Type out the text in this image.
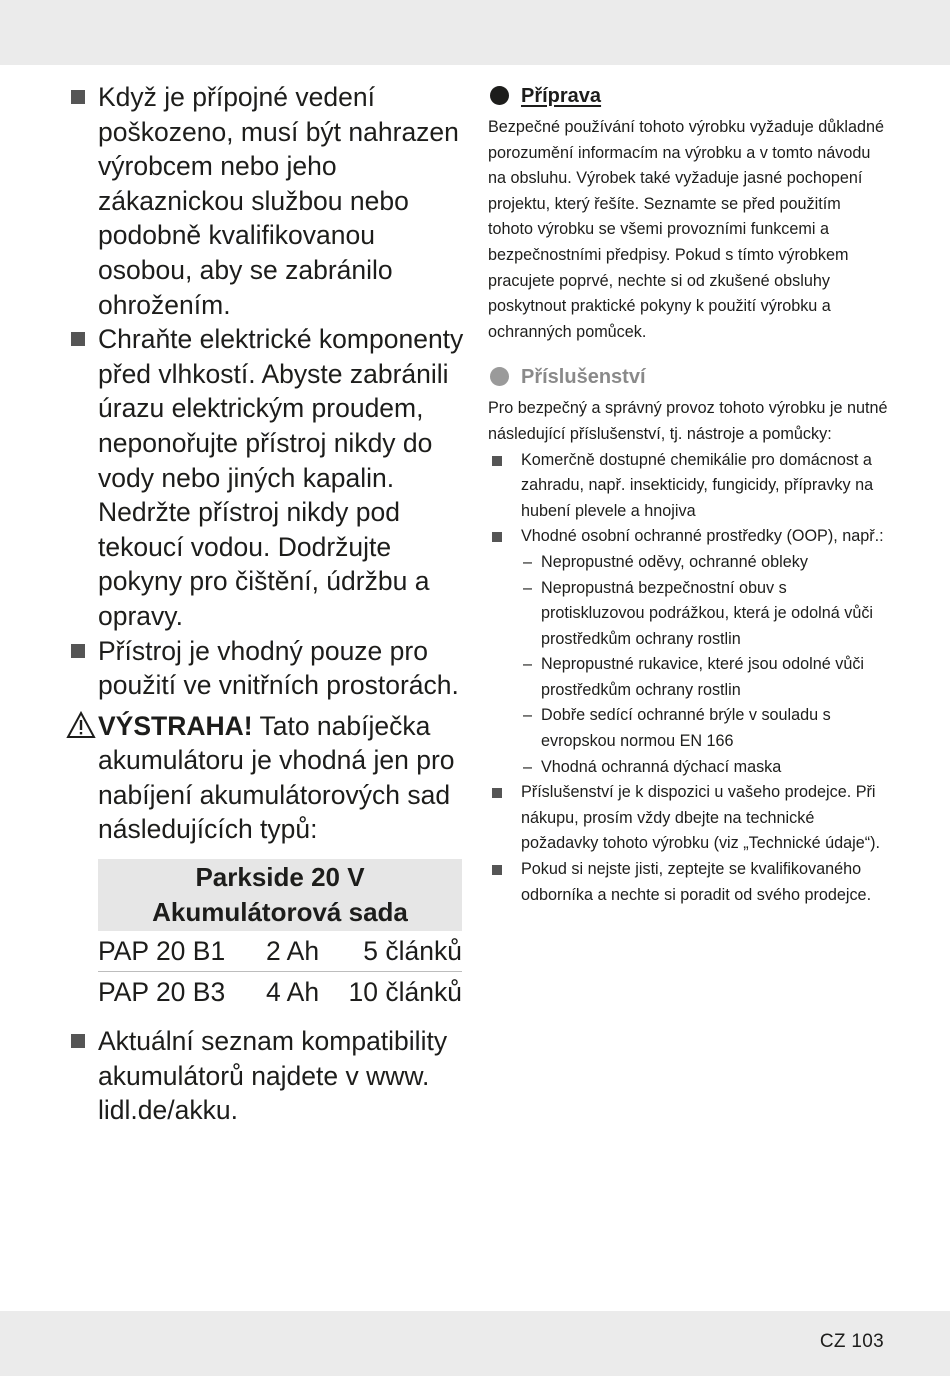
Když je přípojné vedení poškozeno, musí být nahrazen výrobcem nebo jeho zákaznickou službou nebo podobně kvalifikovanou osobou, aby se zabránilo ohrožením.
Chraňte elektrické komponenty před vlhkostí. Abyste zabránili úrazu elektrickým proudem, neponořujte přístroj nikdy do vody nebo jiných kapalin. Nedržte přístroj nikdy pod tekoucí vodou. Dodržujte pokyny pro čištění, údržbu a opravy.
Přístroj je vhodný pouze pro použití ve vnitřních prostorách.
VÝSTRAHA! Tato nabíječka akumulátoru je vhodná jen pro nabíjení akumulátorových sad následujících typů:
Parkside 20 V
Akumulátorová sada
PAP 20 B1	2 Ah	5 článků
PAP 20 B3	4 Ah	10 článků
Aktuální seznam kompatibility akumulátorů najdete v www. lidl.de/akku.
Příprava
Bezpečné používání tohoto výrobku vyžaduje důkladné porozumění informacím na výrobku a v tomto návodu na obsluhu. Výrobek také vyžaduje jasné pochopení projektu, který řešíte. Seznamte se před použitím tohoto výrobku se všemi provozními funkcemi a bezpečnostními předpisy. Pokud s tímto výrobkem pracujete poprvé, nechte si od zkušené obsluhy poskytnout praktické pokyny k použití výrobku a ochranných pomůcek.
Příslušenství
Pro bezpečný a správný provoz tohoto výrobku je nutné následující příslušenství, tj. nástroje a pomůcky:
Komerčně dostupné chemikálie pro domácnost a zahradu, např. insekticidy, fungicidy, přípravky na hubení plevele a hnojiva
Vhodné osobní ochranné prostředky (OOP), např.:
– Nepropustné oděvy, ochranné obleky
– Nepropustná bezpečnostní obuv s protiskluzovou podrážkou, která je odolná vůči prostředkům ochrany rostlin
– Nepropustné rukavice, které jsou odolné vůči prostředkům ochrany rostlin
– Dobře sedící ochranné brýle v souladu s evropskou normou EN 166
– Vhodná ochranná dýchací maska
Příslušenství je k dispozici u vašeho prodejce. Při nákupu, prosím vždy dbejte na technické požadavky tohoto výrobku (viz „Technické údaje“).
Pokud si nejste jisti, zeptejte se kvalifikovaného odborníka a nechte si poradit od svého prodejce.
CZ 103
